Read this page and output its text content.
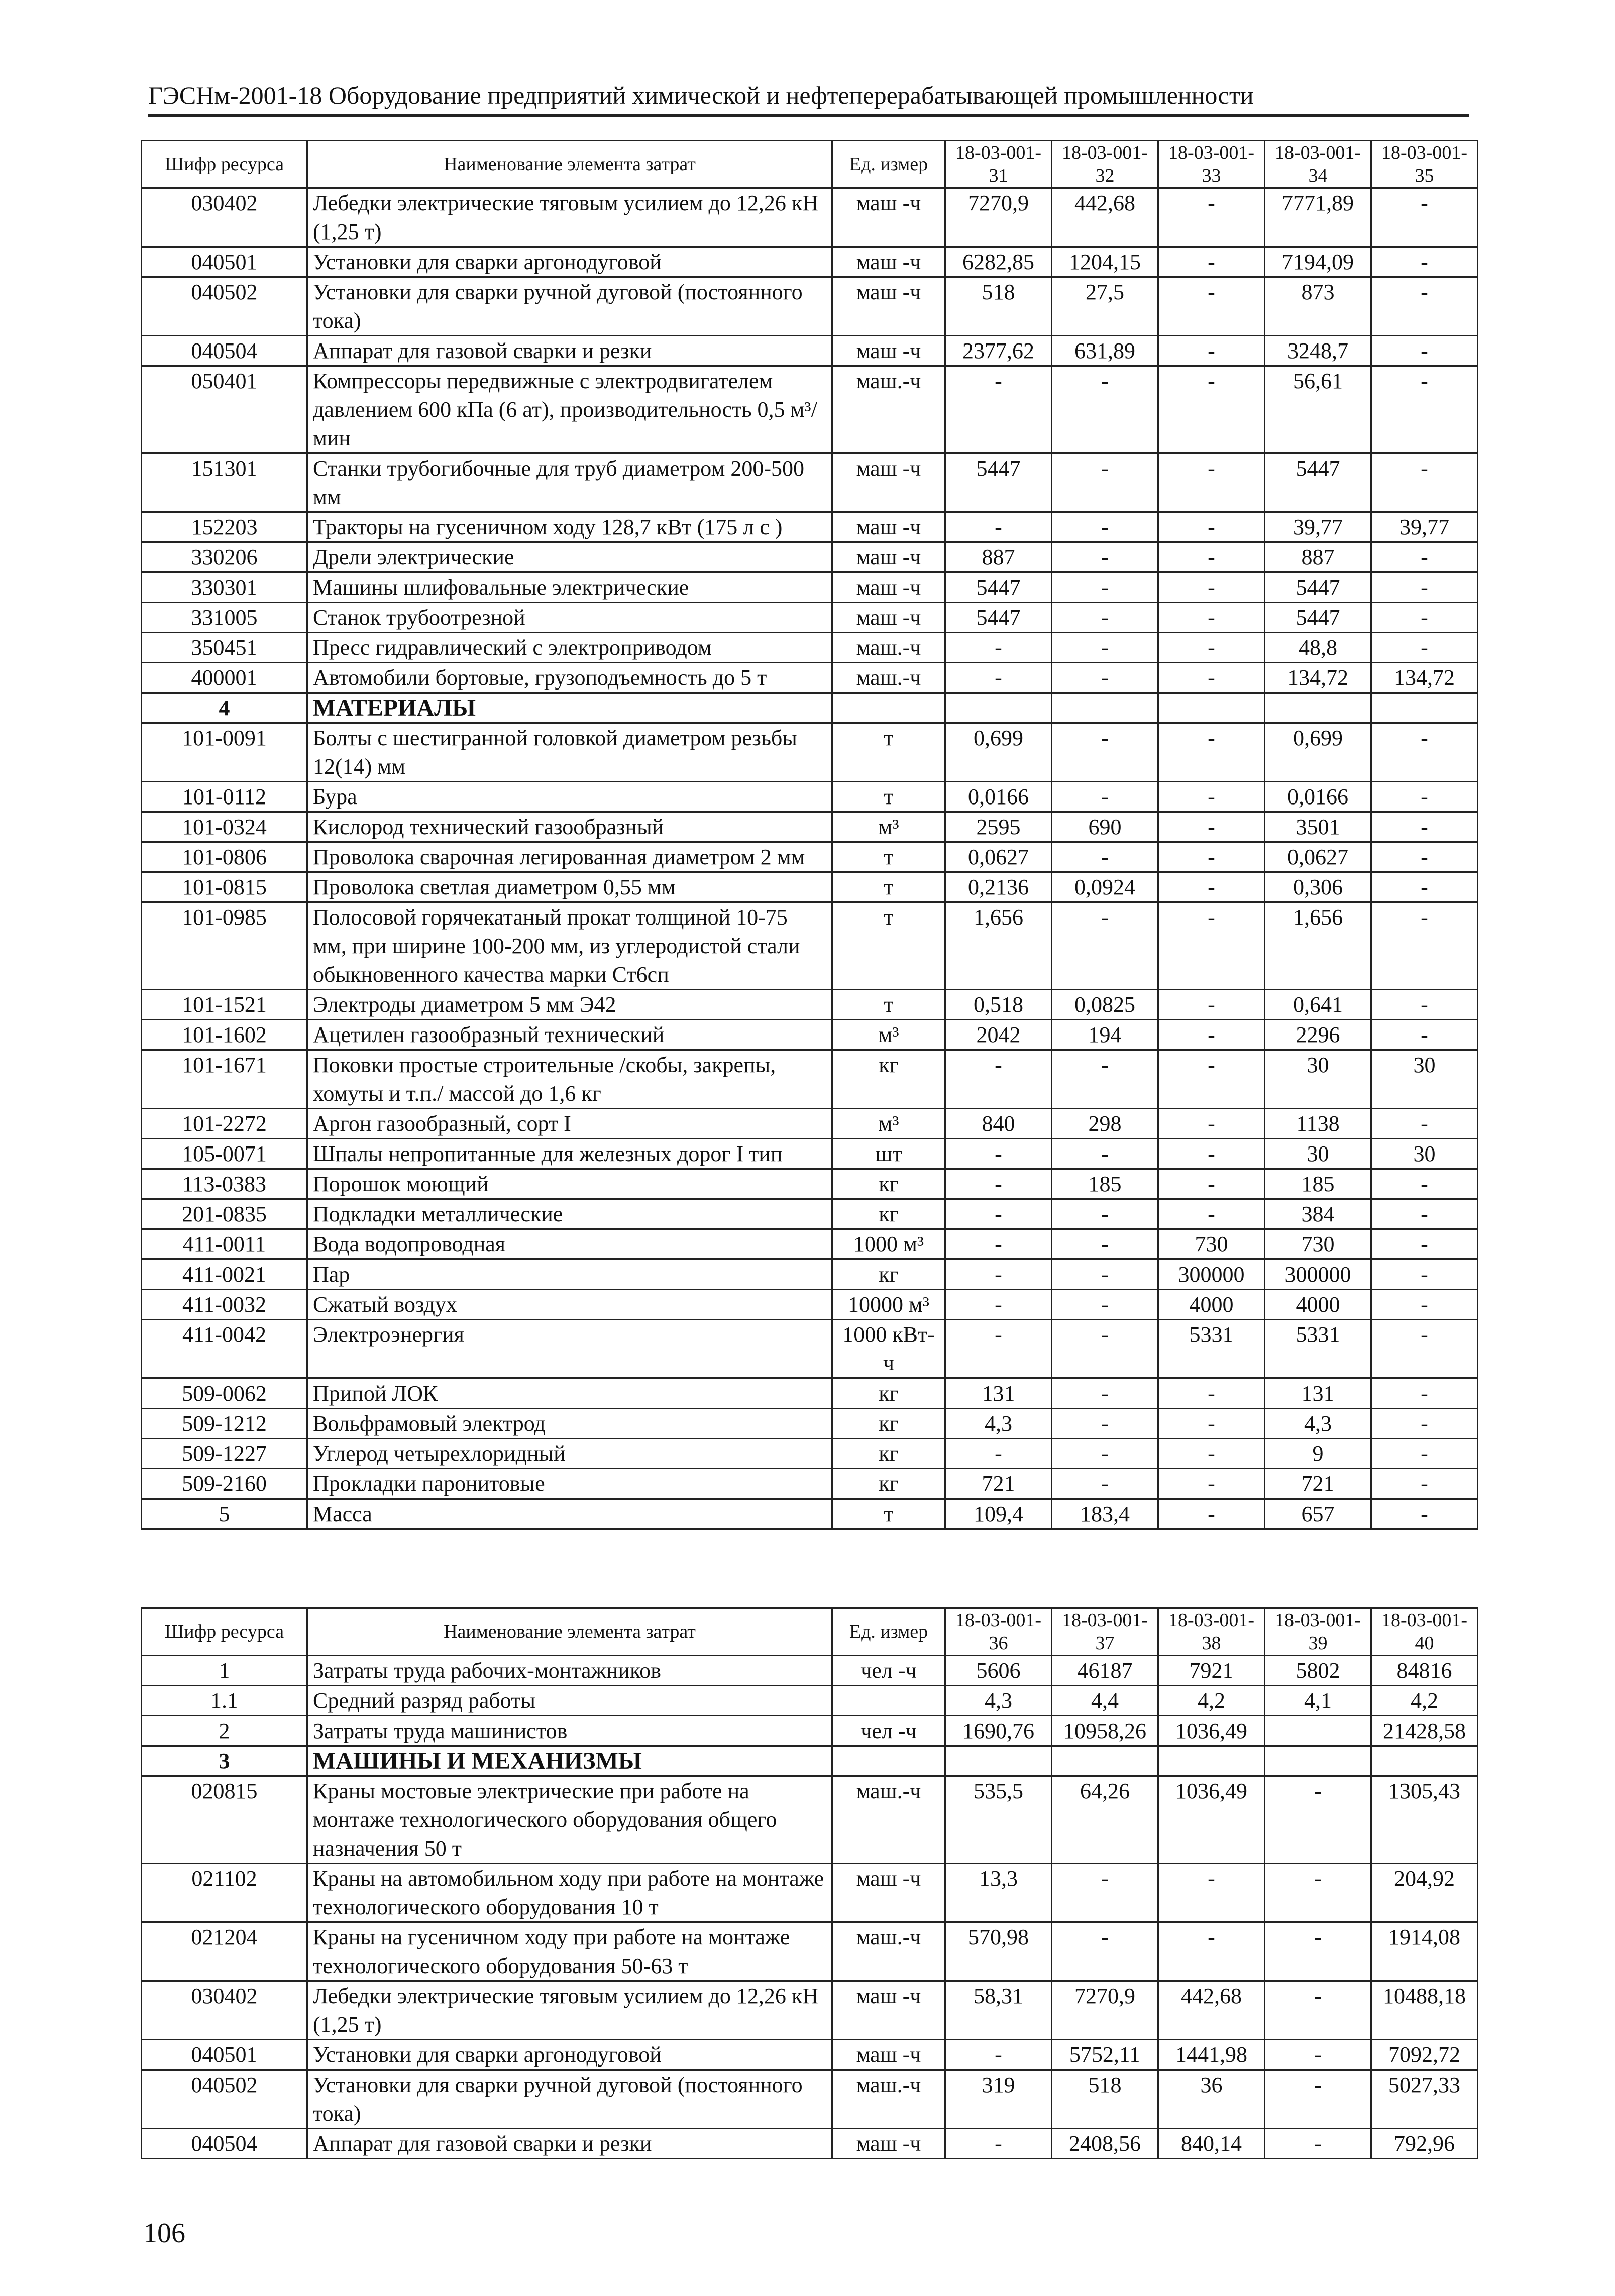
ГЭСНм-2001-18 Оборудование предприятий химической и нефтеперерабатывающей промышленности
Шифр ресурса	Наименование элемента затрат	Ед. измер	18-03-001-31	18-03-001-32	18-03-001-33	18-03-001-34	18-03-001-35
030402	Лебедки электрические тяговым усилием до 12,26 кН (1,25 т)	маш -ч	7270,9	442,68	-	7771,89	-
040501	Установки для сварки аргонодуговой	маш -ч	6282,85	1204,15	-	7194,09	-
040502	Установки для сварки ручной дуговой (постоянного тока)	маш -ч	518	27,5	-	873	-
040504	Аппарат для газовой сварки и резки	маш -ч	2377,62	631,89	-	3248,7	-
050401	Компрессоры передвижные с электродвигателем давлением 600 кПа (6 ат), производительность 0,5 м³/мин	маш.-ч	-	-	-	56,61	-
151301	Станки трубогибочные для труб диаметром 200-500 мм	маш -ч	5447	-	-	5447	-
152203	Тракторы на гусеничном ходу 128,7 кВт (175 л с )	маш -ч	-	-	-	39,77	39,77
330206	Дрели электрические	маш -ч	887	-	-	887	-
330301	Машины шлифовальные электрические	маш -ч	5447	-	-	5447	-
331005	Станок трубоотрезной	маш -ч	5447	-	-	5447	-
350451	Пресс гидравлический с электроприводом	маш.-ч	-	-	-	48,8	-
400001	Автомобили бортовые, грузоподъемность до 5 т	маш.-ч	-	-	-	134,72	134,72
4	МАТЕРИАЛЫ						
101-0091	Болты с шестигранной головкой диаметром резьбы 12(14) мм	т	0,699	-	-	0,699	-
101-0112	Бура	т	0,0166	-	-	0,0166	-
101-0324	Кислород технический газообразный	м³	2595	690	-	3501	-
101-0806	Проволока сварочная легированная диаметром 2 мм	т	0,0627	-	-	0,0627	-
101-0815	Проволока светлая диаметром 0,55 мм	т	0,2136	0,0924	-	0,306	-
101-0985	Полосовой горячекатаный прокат толщиной 10-75 мм, при ширине 100-200 мм, из углеродистой стали обыкновенного качества марки Ст6сп	т	1,656	-	-	1,656	-
101-1521	Электроды диаметром 5 мм Э42	т	0,518	0,0825	-	0,641	-
101-1602	Ацетилен газообразный технический	м³	2042	194	-	2296	-
101-1671	Поковки простые строительные /скобы, закрепы, хомуты и т.п./ массой до 1,6 кг	кг	-	-	-	30	30
101-2272	Аргон газообразный, сорт I	м³	840	298	-	1138	-
105-0071	Шпалы непропитанные для железных дорог I тип	шт	-	-	-	30	30
113-0383	Порошок моющий	кг	-	185	-	185	-
201-0835	Подкладки металлические	кг	-	-	-	384	-
411-0011	Вода водопроводная	1000 м³	-	-	730	730	-
411-0021	Пар	кг	-	-	300000	300000	-
411-0032	Сжатый воздух	10000 м³	-	-	4000	4000	-
411-0042	Электроэнергия	1000 кВт-ч	-	-	5331	5331	-
509-0062	Припой ЛОК	кг	131	-	-	131	-
509-1212	Вольфрамовый электрод	кг	4,3	-	-	4,3	-
509-1227	Углерод четырехлоридный	кг	-	-	-	9	-
509-2160	Прокладки паронитовые	кг	721	-	-	721	-
5	Масса	т	109,4	183,4	-	657	-
Шифр ресурса	Наименование элемента затрат	Ед. измер	18-03-001-36	18-03-001-37	18-03-001-38	18-03-001-39	18-03-001-40
1	Затраты труда рабочих-монтажников	чел -ч	5606	46187	7921	5802	84816
1.1	Средний разряд работы		4,3	4,4	4,2	4,1	4,2
2	Затраты труда машинистов	чел -ч	1690,76	10958,26	1036,49		21428,58
3	МАШИНЫ И МЕХАНИЗМЫ						
020815	Краны мостовые электрические при работе на монтаже технологического оборудования общего назначения 50 т	маш.-ч	535,5	64,26	1036,49	-	1305,43
021102	Краны на автомобильном ходу при работе на монтаже технологического оборудования 10 т	маш -ч	13,3	-	-	-	204,92
021204	Краны на гусеничном ходу при работе на монтаже технологического оборудования 50-63 т	маш.-ч	570,98	-	-	-	1914,08
030402	Лебедки электрические тяговым усилием до 12,26 кН (1,25 т)	маш -ч	58,31	7270,9	442,68	-	10488,18
040501	Установки для сварки аргонодуговой	маш -ч	-	5752,11	1441,98	-	7092,72
040502	Установки для сварки ручной дуговой (постоянного тока)	маш.-ч	319	518	36	-	5027,33
040504	Аппарат для газовой сварки и резки	маш -ч	-	2408,56	840,14	-	792,96
106
